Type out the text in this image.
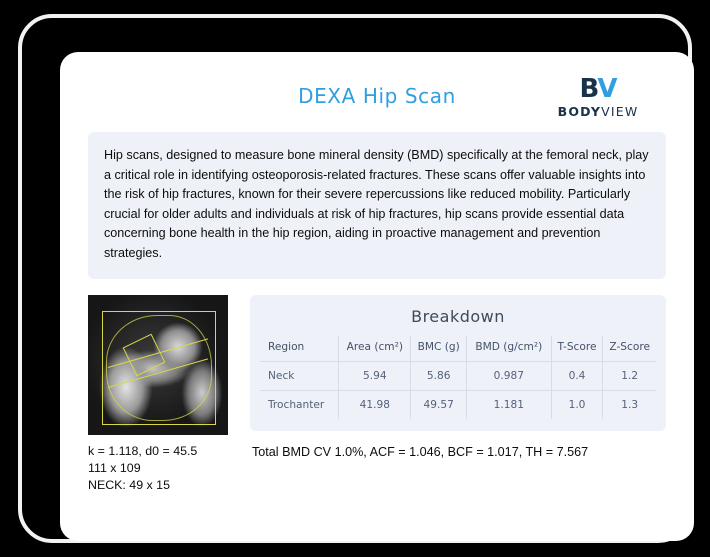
DEXA Hip Scan	BV
BODYVIEW
Hip scans, designed to measure bone mineral density (BMD) specifically at the femoral neck, play a critical role in identifying osteoporosis-related fractures. These scans offer valuable insights into the risk of hip fractures, known for their severe repercussions like reduced mobility. Particularly crucial for older adults and individuals at risk of hip fractures, hip scans provide essential data concerning bone health in the hip region, aiding in proactive management and prevention strategies.
k = 1.118, d0 = 45.5
111 x 109
NECK: 49 x 15
Breakdown
Region	Area (cm²)	BMC (g)	BMD (g/cm²)	T-Score	Z-Score
Neck	5.94	5.86	0.987	0.4	1.2
Trochanter	41.98	49.57	1.181	1.0	1.3
Total BMD CV 1.0%, ACF = 1.046, BCF = 1.017, TH = 7.567
